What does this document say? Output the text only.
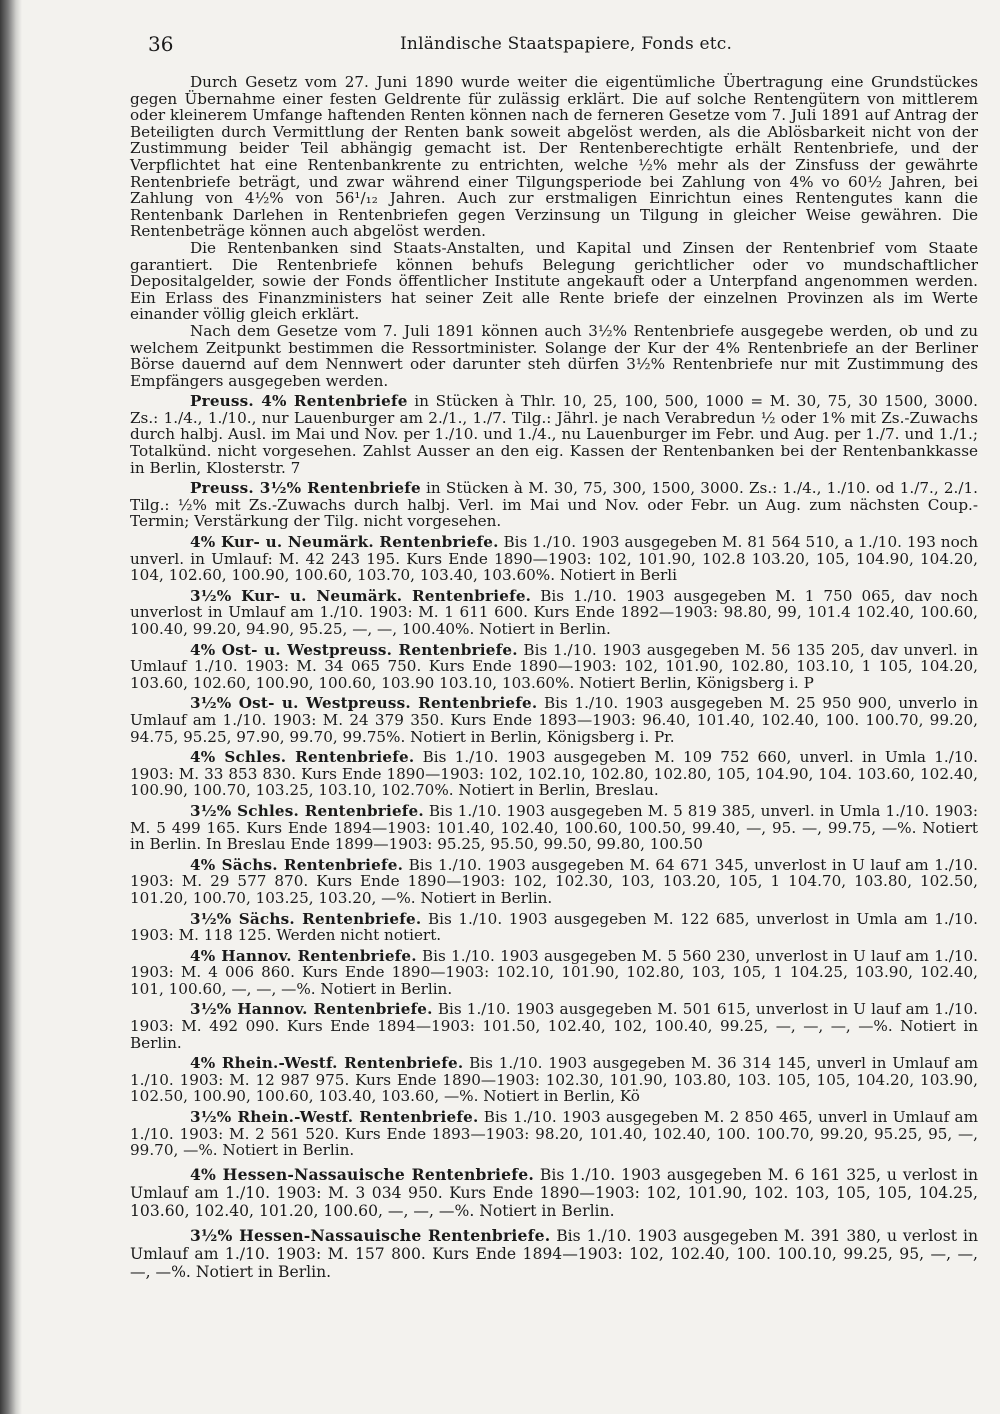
36	Inländische Staatspapiere, Fonds etc.

Durch Gesetz vom 27. Juni 1890 wurde weiter die eigentümliche Übertragung eine Grundstückes gegen Übernahme einer festen Geldrente für zulässig erklärt. Die auf solche Rentengütern von mittlerem oder kleinerem Umfange haftenden Renten können nach de ferneren Gesetze vom 7. Juli 1891 auf Antrag der Beteiligten durch Vermittlung der Renten bank soweit abgelöst werden, als die Ablösbarkeit nicht von der Zustimmung beider Teil abhängig gemacht ist. Der Rentenberechtigte erhält Rentenbriefe, und der Verpflichtet hat eine Rentenbankrente zu entrichten, welche ½% mehr als der Zinsfuss der gewährte Rentenbriefe beträgt, und zwar während einer Tilgungsperiode bei Zahlung von 4% vo 60½ Jahren, bei Zahlung von 4½% von 56¹/₁₂ Jahren. Auch zur erstmaligen Einrichtun eines Rentengutes kann die Rentenbank Darlehen in Rentenbriefen gegen Verzinsung un Tilgung in gleicher Weise gewähren. Die Rentenbeträge können auch abgelöst werden.

Die Rentenbanken sind Staats-Anstalten, und Kapital und Zinsen der Rentenbrief vom Staate garantiert. Die Rentenbriefe können behufs Belegung gerichtlicher oder vo mundschaftlicher Depositalgelder, sowie der Fonds öffentlicher Institute angekauft oder a Unterpfand angenommen werden. Ein Erlass des Finanzministers hat seiner Zeit alle Rente briefe der einzelnen Provinzen als im Werte einander völlig gleich erklärt.

Nach dem Gesetze vom 7. Juli 1891 können auch 3½% Rentenbriefe ausgegebe werden, ob und zu welchem Zeitpunkt bestimmen die Ressortminister. Solange der Kur der 4% Rentenbriefe an der Berliner Börse dauernd auf dem Nennwert oder darunter steh dürfen 3½% Rentenbriefe nur mit Zustimmung des Empfängers ausgegeben werden.

Preuss. 4% Rentenbriefe in Stücken à Thlr. 10, 25, 100, 500, 1000 = M. 30, 75, 30 1500, 3000. Zs.: 1./4., 1./10., nur Lauenburger am 2./1., 1./7. Tilg.: Jährl. je nach Verabredun ½ oder 1% mit Zs.-Zuwachs durch halbj. Ausl. im Mai und Nov. per 1./10. und 1./4., nu Lauenburger im Febr. und Aug. per 1./7. und 1./1.; Totalkünd. nicht vorgesehen. Zahlst Ausser an den eig. Kassen der Rentenbanken bei der Rentenbankkasse in Berlin, Klosterstr. 7

Preuss. 3½% Rentenbriefe in Stücken à M. 30, 75, 300, 1500, 3000. Zs.: 1./4., 1./10. od 1./7., 2./1. Tilg.: ½% mit Zs.-Zuwachs durch halbj. Verl. im Mai und Nov. oder Febr. un Aug. zum nächsten Coup.-Termin; Verstärkung der Tilg. nicht vorgesehen.

4% Kur- u. Neumärk. Rentenbriefe. Bis 1./10. 1903 ausgegeben M. 81 564 510, a 1./10. 193 noch unverl. in Umlauf: M. 42 243 195. Kurs Ende 1890—1903: 102, 101.90, 102.8 103.20, 105, 104.90, 104.20, 104, 102.60, 100.90, 100.60, 103.70, 103.40, 103.60%. Notiert in Berli

3½% Kur- u. Neumärk. Rentenbriefe. Bis 1./10. 1903 ausgegeben M. 1 750 065, dav noch unverlost in Umlauf am 1./10. 1903: M. 1 611 600. Kurs Ende 1892—1903: 98.80, 99, 101.4 102.40, 100.60, 100.40, 99.20, 94.90, 95.25, —, —, 100.40%. Notiert in Berlin.

4% Ost- u. Westpreuss. Rentenbriefe. Bis 1./10. 1903 ausgegeben M. 56 135 205, dav unverl. in Umlauf 1./10. 1903: M. 34 065 750. Kurs Ende 1890—1903: 102, 101.90, 102.80, 103.10, 1 105, 104.20, 103.60, 102.60, 100.90, 100.60, 103.90 103.10, 103.60%. Notiert Berlin, Königsberg i. P

3½% Ost- u. Westpreuss. Rentenbriefe. Bis 1./10. 1903 ausgegeben M. 25 950 900, unverlo in Umlauf am 1./10. 1903: M. 24 379 350. Kurs Ende 1893—1903: 96.40, 101.40, 102.40, 100. 100.70, 99.20, 94.75, 95.25, 97.90, 99.70, 99.75%. Notiert in Berlin, Königsberg i. Pr.

4% Schles. Rentenbriefe. Bis 1./10. 1903 ausgegeben M. 109 752 660, unverl. in Umla 1./10. 1903: M. 33 853 830. Kurs Ende 1890—1903: 102, 102.10, 102.80, 102.80, 105, 104.90, 104. 103.60, 102.40, 100.90, 100.70, 103.25, 103.10, 102.70%. Notiert in Berlin, Breslau.

3½% Schles. Rentenbriefe. Bis 1./10. 1903 ausgegeben M. 5 819 385, unverl. in Umla 1./10. 1903: M. 5 499 165. Kurs Ende 1894—1903: 101.40, 102.40, 100.60, 100.50, 99.40, —, 95. —, 99.75, —%. Notiert in Berlin. In Breslau Ende 1899—1903: 95.25, 95.50, 99.50, 99.80, 100.50

4% Sächs. Rentenbriefe. Bis 1./10. 1903 ausgegeben M. 64 671 345, unverlost in U lauf am 1./10. 1903: M. 29 577 870. Kurs Ende 1890—1903: 102, 102.30, 103, 103.20, 105, 1 104.70, 103.80, 102.50, 101.20, 100.70, 103.25, 103.20, —%. Notiert in Berlin.

3½% Sächs. Rentenbriefe. Bis 1./10. 1903 ausgegeben M. 122 685, unverlost in Umla am 1./10. 1903: M. 118 125. Werden nicht notiert.

4% Hannov. Rentenbriefe. Bis 1./10. 1903 ausgegeben M. 5 560 230, unverlost in U lauf am 1./10. 1903: M. 4 006 860. Kurs Ende 1890—1903: 102.10, 101.90, 102.80, 103, 105, 1 104.25, 103.90, 102.40, 101, 100.60, —, —, —%. Notiert in Berlin.

3½% Hannov. Rentenbriefe. Bis 1./10. 1903 ausgegeben M. 501 615, unverlost in U lauf am 1./10. 1903: M. 492 090. Kurs Ende 1894—1903: 101.50, 102.40, 102, 100.40, 99.25, —, —, —, —%. Notiert in Berlin.

4% Rhein.-Westf. Rentenbriefe. Bis 1./10. 1903 ausgegeben M. 36 314 145, unverl in Umlauf am 1./10. 1903: M. 12 987 975. Kurs Ende 1890—1903: 102.30, 101.90, 103.80, 103. 105, 105, 104.20, 103.90, 102.50, 100.90, 100.60, 103.40, 103.60, —%. Notiert in Berlin, Kö

3½% Rhein.-Westf. Rentenbriefe. Bis 1./10. 1903 ausgegeben M. 2 850 465, unverl in Umlauf am 1./10. 1903: M. 2 561 520. Kurs Ende 1893—1903: 98.20, 101.40, 102.40, 100. 100.70, 99.20, 95.25, 95, —, 99.70, —%. Notiert in Berlin.

4% Hessen-Nassauische Rentenbriefe. Bis 1./10. 1903 ausgegeben M. 6 161 325, u verlost in Umlauf am 1./10. 1903: M. 3 034 950. Kurs Ende 1890—1903: 102, 101.90, 102. 103, 105, 105, 104.25, 103.60, 102.40, 101.20, 100.60, —, —, —%. Notiert in Berlin.

3½% Hessen-Nassauische Rentenbriefe. Bis 1./10. 1903 ausgegeben M. 391 380, u verlost in Umlauf am 1./10. 1903: M. 157 800. Kurs Ende 1894—1903: 102, 102.40, 100. 100.10, 99.25, 95, —, —, —, —%. Notiert in Berlin.
